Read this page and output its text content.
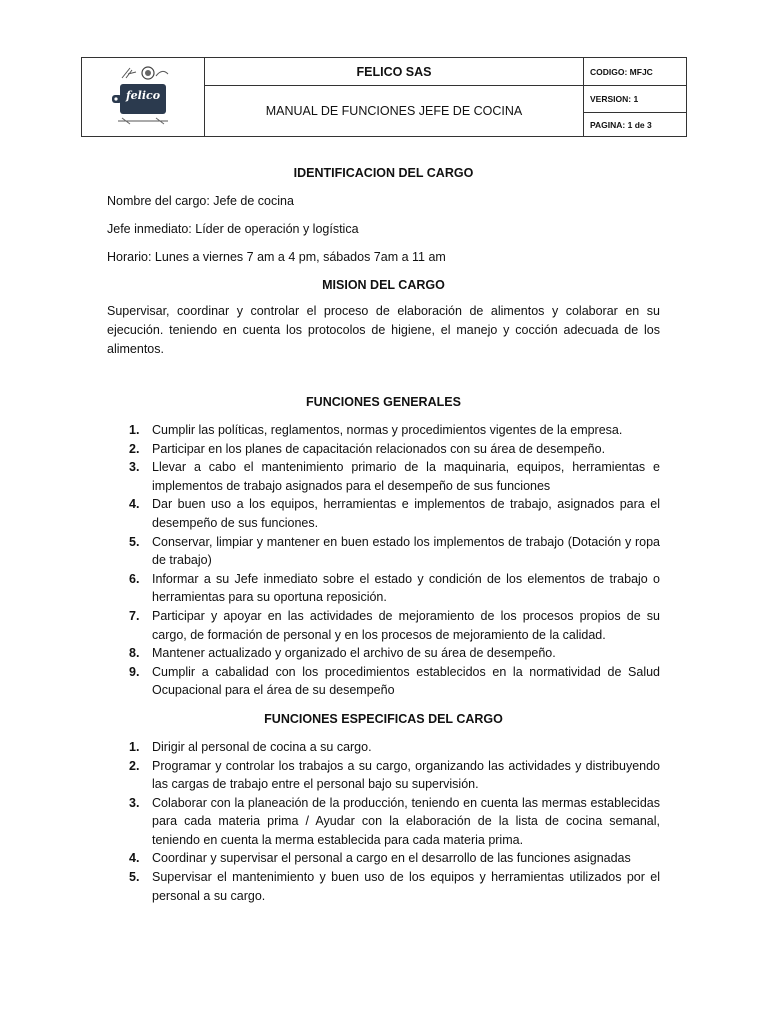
felico	FELICO SAS	CODIGO: MFJC
	MANUAL DE FUNCIONES JEFE DE COCINA	VERSION: 1
		PAGINA: 1 de 3

IDENTIFICACION DEL CARGO

Nombre del cargo: Jefe de cocina

Jefe inmediato: Líder de operación y logística

Horario: Lunes a viernes 7 am a 4 pm, sábados 7am a 11 am

MISION DEL CARGO

Supervisar, coordinar y controlar el proceso de elaboración de alimentos y colaborar en su ejecución. teniendo en cuenta los protocolos de higiene, el manejo y cocción adecuada de los alimentos.

FUNCIONES GENERALES

1. Cumplir las políticas, reglamentos, normas y procedimientos vigentes de la empresa.
2. Participar en los planes de capacitación relacionados con su área de desempeño.
3. Llevar a cabo el mantenimiento primario de la maquinaria, equipos, herramientas e implementos de trabajo asignados para el desempeño de sus funciones
4. Dar buen uso a los equipos, herramientas e implementos de trabajo, asignados para el desempeño de sus funciones.
5. Conservar, limpiar y mantener en buen estado los implementos de trabajo (Dotación y ropa de trabajo)
6. Informar a su Jefe inmediato sobre el estado y condición de los elementos de trabajo o herramientas para su oportuna reposición.
7. Participar y apoyar en las actividades de mejoramiento de los procesos propios de su cargo, de formación de personal y en los procesos de mejoramiento de la calidad.
8. Mantener actualizado y organizado el archivo de su área de desempeño.
9. Cumplir a cabalidad con los procedimientos establecidos en la normatividad de Salud Ocupacional para el área de su desempeño

FUNCIONES ESPECIFICAS DEL CARGO

1. Dirigir al personal de cocina a su cargo.
2. Programar y controlar los trabajos a su cargo, organizando las actividades y distribuyendo las cargas de trabajo entre el personal bajo su supervisión.
3. Colaborar con la planeación de la producción, teniendo en cuenta las mermas establecidas para cada materia prima / Ayudar con la elaboración de la lista de cocina semanal, teniendo en cuenta la merma establecida para cada materia prima.
4. Coordinar y supervisar el personal a cargo en el desarrollo de las funciones asignadas
5. Supervisar el mantenimiento y buen uso de los equipos y herramientas utilizados por el personal a su cargo.
